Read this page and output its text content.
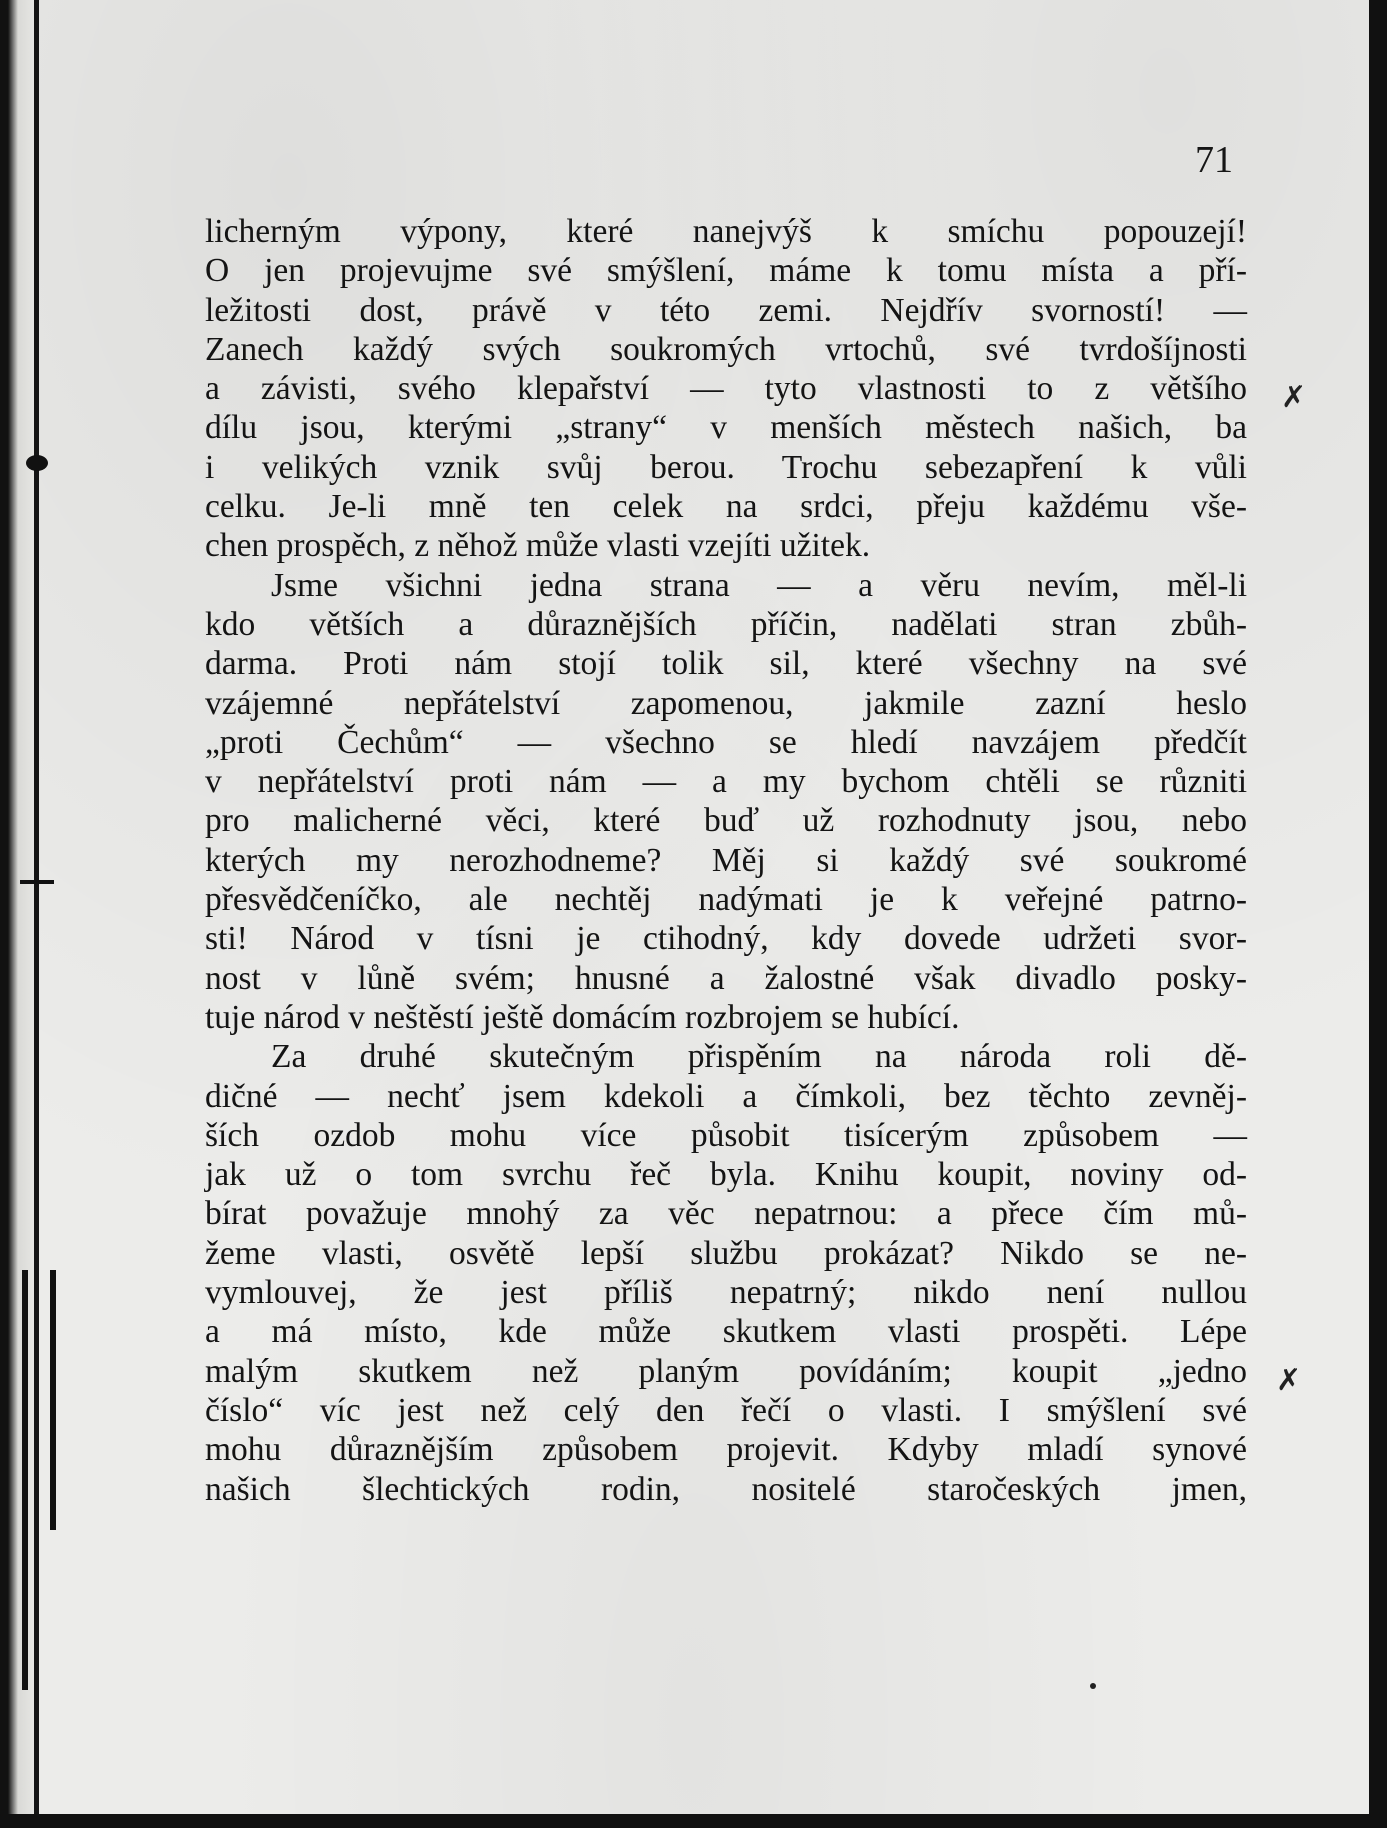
71
✗
✗
licherným výpony, které nanejvýš k smíchu popouzejí!
O jen projevujme své smýšlení, máme k tomu místa a pří-
ležitosti dost, právě v této zemi. Nejdřív svorností! —
Zanech každý svých soukromých vrtochů, své tvrdošíjnosti
a závisti, svého klepařství — tyto vlastnosti to z většího
dílu jsou, kterými „strany“ v menších městech našich, ba
i velikých vznik svůj berou. Trochu sebezapření k vůli
celku. Je-li mně ten celek na srdci, přeju každému vše-
chen prospěch, z něhož může vlasti vzejíti užitek.
Jsme všichni jedna strana — a věru nevím, měl-li
kdo větších a důraznějších příčin, nadělati stran zbůh-
darma. Proti nám stojí tolik sil, které všechny na své
vzájemné nepřátelství zapomenou, jakmile zazní heslo
„proti Čechům“ — všechno se hledí navzájem předčít
v nepřátelství proti nám — a my bychom chtěli se různiti
pro malicherné věci, které buď už rozhodnuty jsou, nebo
kterých my nerozhodneme? Měj si každý své soukromé
přesvědčeníčko, ale nechtěj nadýmati je k veřejné patrno-
sti! Národ v tísni je ctihodný, kdy dovede udržeti svor-
nost v lůně svém; hnusné a žalostné však divadlo posky-
tuje národ v neštěstí ještě domácím rozbrojem se hubící.
Za druhé skutečným přispěním na národa roli dě-
dičné — nechť jsem kdekoli a čímkoli, bez těchto zevněj-
ších ozdob mohu více působit tisícerým způsobem —
jak už o tom svrchu řeč byla. Knihu koupit, noviny od-
bírat považuje mnohý za věc nepatrnou: a přece čím mů-
žeme vlasti, osvětě lepší službu prokázat? Nikdo se ne-
vymlouvej, že jest příliš nepatrný; nikdo není nullou
a má místo, kde může skutkem vlasti prospěti. Lépe
malým skutkem než planým povídáním; koupit „jedno
číslo“ víc jest než celý den řečí o vlasti. I smýšlení své
mohu důraznějším způsobem projevit. Kdyby mladí synové
našich šlechtických rodin, nositelé staročeských jmen,
